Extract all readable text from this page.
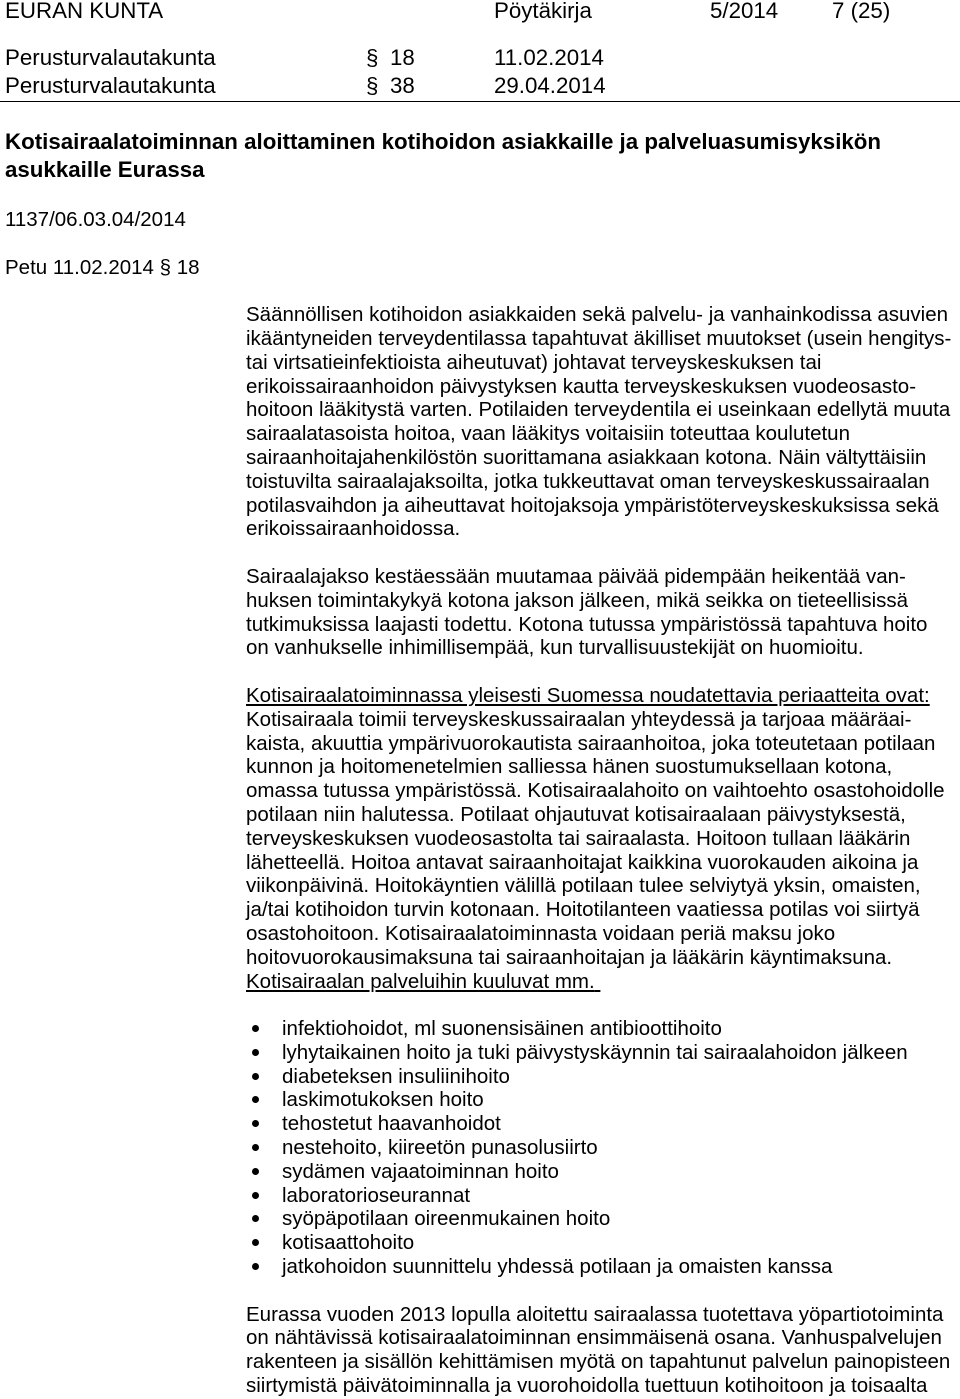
EURAN KUNTA	Pöytäkirja	5/2014 7 (25)
Perusturvalautakunta	§ 18	11.02.2014
Perusturvalautakunta	§ 38	29.04.2014
Kotisairaalatoiminnan aloittaminen kotihoidon asiakkaille ja palveluasumisyksikön
asukkaille Eurassa
1137/06.03.04/2014
Petu 11.02.2014 § 18
Säännöllisen kotihoidon asiakkaiden sekä palvelu- ja vanhainkodissa asuvien
ikääntyneiden terveydentilassa tapahtuvat äkilliset muutokset (usein hengitys-
tai virtsatieinfektioista aiheutuvat) johtavat terveyskeskuksen tai
erikoissairaanhoidon päivystyksen kautta terveyskeskuksen vuodeosasto-
hoitoon lääkitystä varten. Potilaiden terveydentila ei useinkaan edellytä muuta
sairaalatasoista hoitoa, vaan lääkitys voitaisiin toteuttaa koulutetun
sairaanhoitajahenkilöstön suorittamana asiakkaan kotona. Näin vältyttäisiin
toistuvilta sairaalajaksoilta, jotka tukkeuttavat oman terveyskeskussairaalan
potilasvaihdon ja aiheuttavat hoitojaksoja ympäristöterveyskeskuksissa sekä
erikoissairaanhoidossa.
Sairaalajakso kestäessään muutamaa päivää pidempään heikentää van-
huksen toimintakykyä kotona jakson jälkeen, mikä seikka on tieteellisissä
tutkimuksissa laajasti todettu. Kotona tutussa ympäristössä tapahtuva hoito
on vanhukselle inhimillisempää, kun turvallisuustekijät on huomioitu.
Kotisairaalatoiminnassa yleisesti Suomessa noudatettavia periaatteita ovat:
Kotisairaala toimii terveyskeskussairaalan yhteydessä ja tarjoaa määräai-
kaista, akuuttia ympärivuorokautista sairaanhoitoa, joka toteutetaan potilaan
kunnon ja hoitomenetelmien salliessa hänen suostumuksellaan kotona,
omassa tutussa ympäristössä. Kotisairaalahoito on vaihtoehto osastohoidolle
potilaan niin halutessa. Potilaat ohjautuvat kotisairaalaan päivystyksestä,
terveyskeskuksen vuodeosastolta tai sairaalasta. Hoitoon tullaan lääkärin
lähetteellä. Hoitoa antavat sairaanhoitajat kaikkina vuorokauden aikoina ja
viikonpäivinä. Hoitokäyntien välillä potilaan tulee selviytyä yksin, omaisten,
ja/tai kotihoidon turvin kotonaan. Hoitotilanteen vaatiessa potilas voi siirtyä
osastohoitoon. Kotisairaalatoiminnasta voidaan periä maksu joko
hoitovuorokausimaksuna tai sairaanhoitajan ja lääkärin käyntimaksuna.
Kotisairaalan palveluihin kuuluvat mm.
infektiohoidot, ml suonensisäinen antibioottihoito
lyhytaikainen hoito ja tuki päivystyskäynnin tai sairaalahoidon jälkeen
diabeteksen insuliinihoito
laskimotukoksen hoito
tehostetut haavanhoidot
nestehoito, kiireetön punasolusiirto
sydämen vajaatoiminnan hoito
laboratorioseurannat
syöpäpotilaan oireenmukainen hoito
kotisaattohoito
jatkohoidon suunnittelu yhdessä potilaan ja omaisten kanssa
Eurassa vuoden 2013 lopulla aloitettu sairaalassa tuotettava yöpartiotoiminta
on nähtävissä kotisairaalatoiminnan ensimmäisenä osana. Vanhuspalvelujen
rakenteen ja sisällön kehittämisen myötä on tapahtunut palvelun painopisteen
siirtymistä päivätoiminnalla ja vuorohoidolla tuettuun kotihoitoon ja toisaalta
